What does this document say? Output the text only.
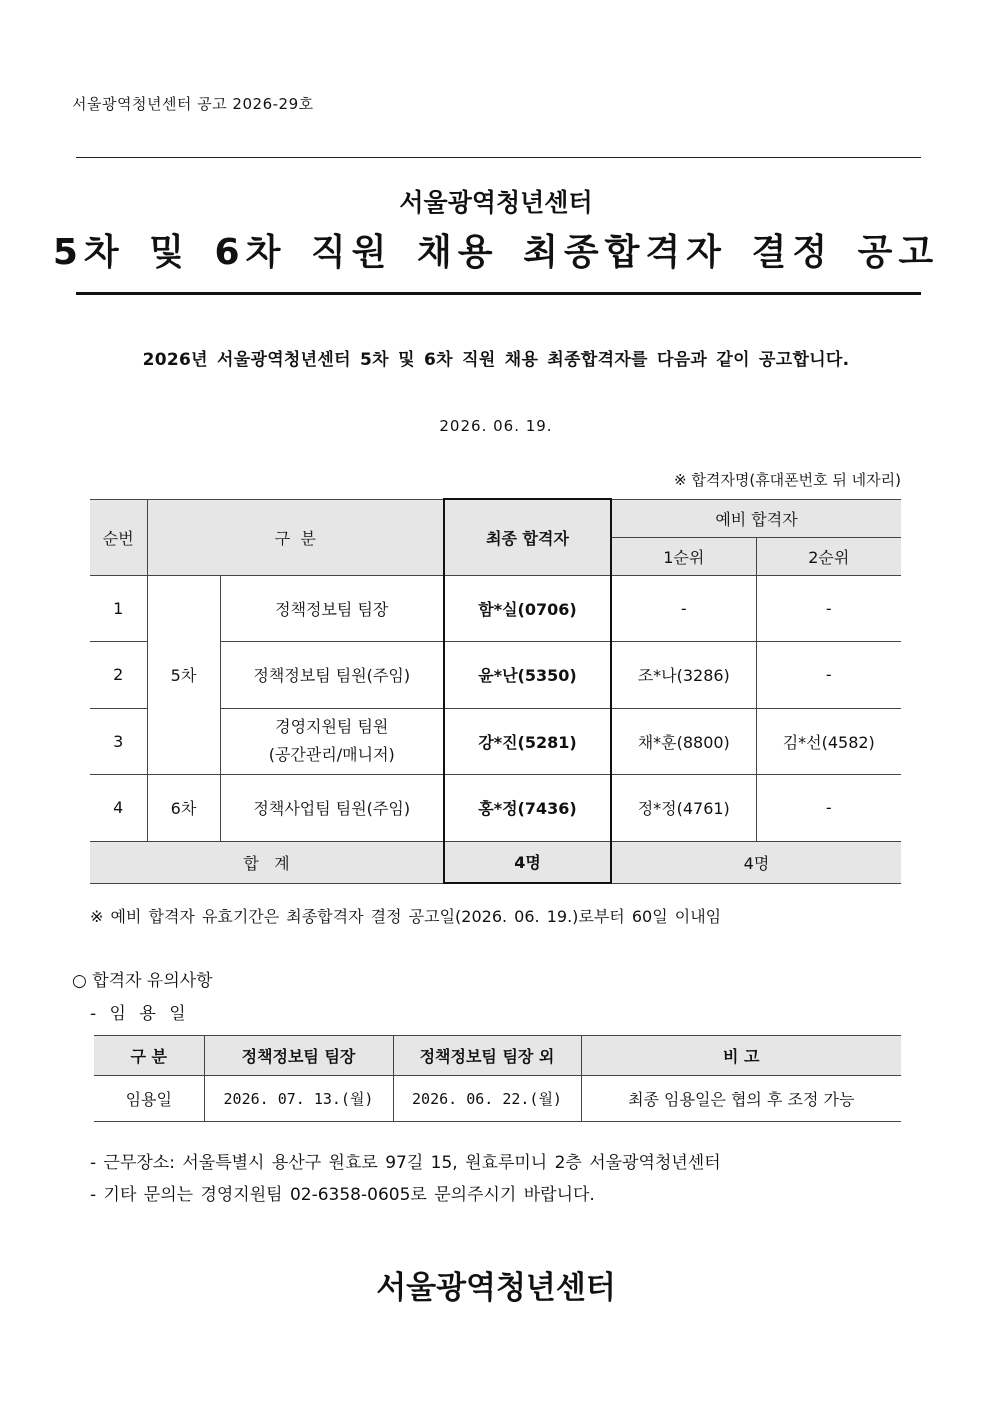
서울광역청년센터 공고 2026-29호
서울광역청년센터
5차 및 6차 직원 채용 최종합격자 결정 공고
2026년 서울광역청년센터 5차 및 6차 직원 채용 최종합격자를 다음과 같이 공고합니다.
2026. 06. 19.
※ 합격자명(휴대폰번호 뒤 네자리)
순번	구  분		최종 합격자	예비 합격자	
				1순위	2순위
1	5차	정책정보팀 팀장	함*실(0706)	-	-
2		정책정보팀 팀원(주임)	윤*난(5350)	조*나(3286)	-
3		경영지원팀 팀원
(공간관리/매니저)	강*진(5281)	채*훈(8800)	김*선(4582)
4	6차	정책사업팀 팀원(주임)	홍*정(7436)	정*정(4761)	-
합   계			4명	4명	
※ 예비 합격자 유효기간은 최종합격자 결정 공고일(2026. 06. 19.)로부터 60일 이내임
○ 합격자 유의사항
- 임 용 일
구 분	정책정보팀 팀장	정책정보팀 팀장 외	비 고
임용일	2026. 07. 13.(월)	2026. 06. 22.(월)	최종 임용일은 협의 후 조정 가능
- 근무장소: 서울특별시 용산구 원효로 97길 15, 원효루미니 2층 서울광역청년센터
- 기타 문의는 경영지원팀 02-6358-0605로 문의주시기 바랍니다.
서울광역청년센터
